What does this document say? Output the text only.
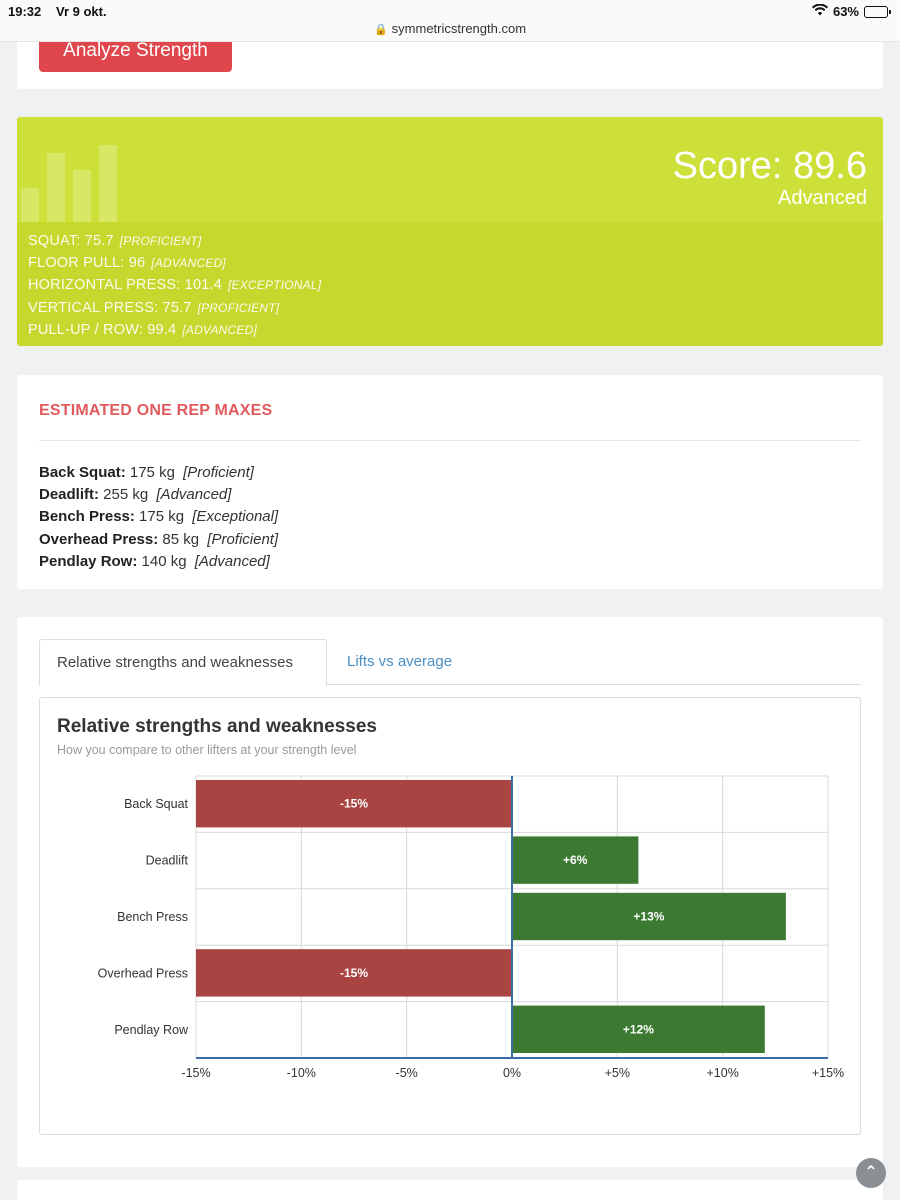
19:32 Vr 9 okt.	63%
🔒 symmetricstrength.com
Analyze Strength
Score: 89.6
Advanced
SQUAT: 75.7 [PROFICIENT]
FLOOR PULL: 96 [ADVANCED]
HORIZONTAL PRESS: 101.4 [EXCEPTIONAL]
VERTICAL PRESS: 75.7 [PROFICIENT]
PULL-UP / ROW: 99.4 [ADVANCED]
ESTIMATED ONE REP MAXES
Back Squat: 175 kg [Proficient]
Deadlift: 255 kg [Advanced]
Bench Press: 175 kg [Exceptional]
Overhead Press: 85 kg [Proficient]
Pendlay Row: 140 kg [Advanced]
Relative strengths and weaknesses	Lifts vs average
-15%
Back Squat
+6%
Deadlift
+13%
Bench Press
-15%
Overhead Press
+12%
Pendlay Row
-15%	-10%	-5%	0%	+5%	+10%	+15%
Relative strengths and weaknesses
How you compare to other lifters at your strength level
⌃
